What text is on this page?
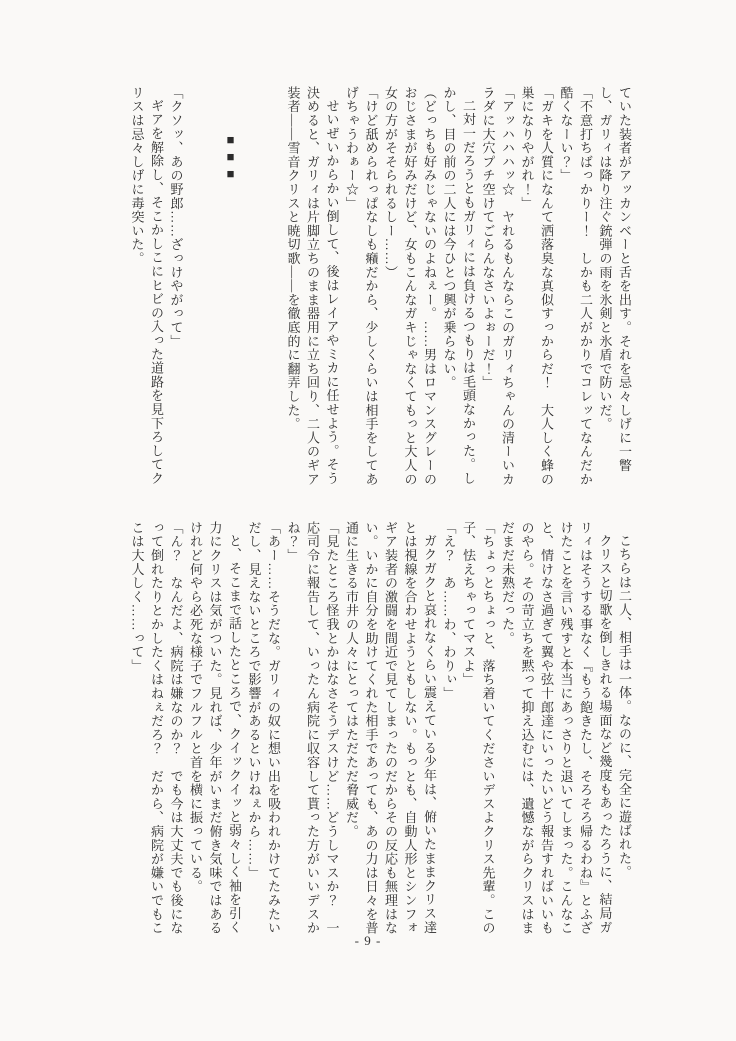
ていた装者がアッカンベーと舌を出す。それを忌々しげに一瞥し、ガリィは降り注ぐ銃弾の雨を氷剣と氷盾で防いだ。

「不意打ちばっかりー！　しかも二人がかりでコレッてなんだか酷くなーい？」

「ガキを人質になんて洒落臭な真似すっからだ！　大人しく蜂の巣になりやがれ！」

「アッハハハッ☆　ヤれるもんならこのガリィちゃんの清ーいカラダに大穴プチ空けてごらんなさいよぉーだ！」

二対一だろうともガリィには負けるつもりは毛頭なかった。しかし、目の前の二人には今ひとつ興が乗らない。

（どっちも好みじゃないのよねぇー。……男はロマンスグレーのおじさまが好みだけど、女もこんなガキじゃなくてもっと大人の女の方がそそられるしー……）

「けど舐められっぱなしも癪だから、少しくらいは相手をしてあげちゃうわぁー☆」

せいぜいからかい倒して、後はレイアやミカに任せよう。そう決めると、ガリィは片脚立ちのまま器用に立ち回り、二人のギア装者——雪音クリスと暁切歌——を徹底的に翻弄した。

■■■

「クソッ、あの野郎……ざっけやがって」

ギアを解除し、そこかしこにヒビの入った道路を見下ろしてクリスは忌々しげに毒突いた。

こちらは二人、相手は一体。なのに、完全に遊ばれた。

クリスと切歌を倒しきれる場面など幾度もあったろうに、結局ガリィはそうする事なく『もう飽きたし、そろそろ帰るわね』とふざけたことを言い残すと本当にあっさりと退いてしまった。こんなこと、情けなさ過ぎて翼や弦十郎達にいったいどう報告すればいいものやら。その苛立ちを黙って抑え込むには、遺憾ながらクリスはまだまだ未熟だった。

「ちょっとちょっと、落ち着いてくださいデスよクリス先輩。この子、怯えちゃってマスよ」

「え？　あ……わ、わりぃ」

ガクガクと哀れなくらい震えている少年は、俯いたままクリス達とは視線を合わせようともしない。もっとも、自動人形とシンフォギア装者の激闘を間近で見てしまったのだからその反応も無理はない。いかに自分を助けてくれた相手であっても、あの力は日々を普通に生きる市井の人々にとってはただただ脅威だ。

「見たところ怪我とかはなさそうデスけど……どうしマスか？　一応司令に報告して、いったん病院に収容して貰った方がいいデスかね？」

「あー……そうだな。ガリィの奴に想い出を吸われかけてたみたいだし、見えないところで影響があるといけねぇから……」

と、そこまで話したところで、クイックイッと弱々しく袖を引く力にクリスは気がついた。見れば、少年がいまだ俯き気味ではあるけれど何やら必死な様子でフルフルと首を横に振っている。

「ん？　なんだよ、病院は嫌なのか？　でも今は大丈夫でも後になって倒れたりとかしたくはねぇだろ？　だから、病院が嫌いでもここは大人しく……って」

- 9 -
